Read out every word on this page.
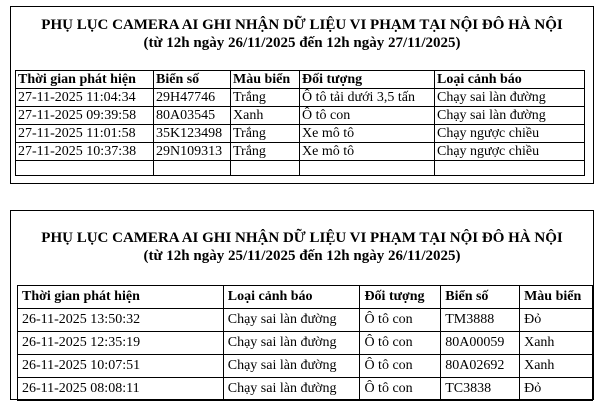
PHỤ LỤC CAMERA AI GHI NHẬN DỮ LIỆU VI PHẠM TẠI NỘI ĐÔ HÀ NỘI
(từ 12h ngày 26/11/2025 đến 12h ngày 27/11/2025)
Thời gian phát hiện	Biển số	Màu biển	Đối tượng	Loại cảnh báo
27-11-2025 11:04:34	29H47746	Trắng	Ô tô tải dưới 3,5 tấn	Chạy sai làn đường
27-11-2025 09:39:58	80A03545	Xanh	Ô tô con	Chạy sai làn đường
27-11-2025 11:01:58	35K123498	Trắng	Xe mô tô	Chạy ngược chiều
27-11-2025 10:37:38	29N109313	Trắng	Xe mô tô	Chạy ngược chiều

PHỤ LỤC CAMERA AI GHI NHẬN DỮ LIỆU VI PHẠM TẠI NỘI ĐÔ HÀ NỘI
(từ 12h ngày 25/11/2025 đến 12h ngày 26/11/2025)
Thời gian phát hiện	Loại cảnh báo	Đối tượng	Biển số	Màu biển
26-11-2025 13:50:32	Chạy sai làn đường	Ô tô con	TM3888	Đỏ
26-11-2025 12:35:19	Chạy sai làn đường	Ô tô con	80A00059	Xanh
26-11-2025 10:07:51	Chạy sai làn đường	Ô tô con	80A02692	Xanh
26-11-2025 08:08:11	Chạy sai làn đường	Ô tô con	TC3838	Đỏ
